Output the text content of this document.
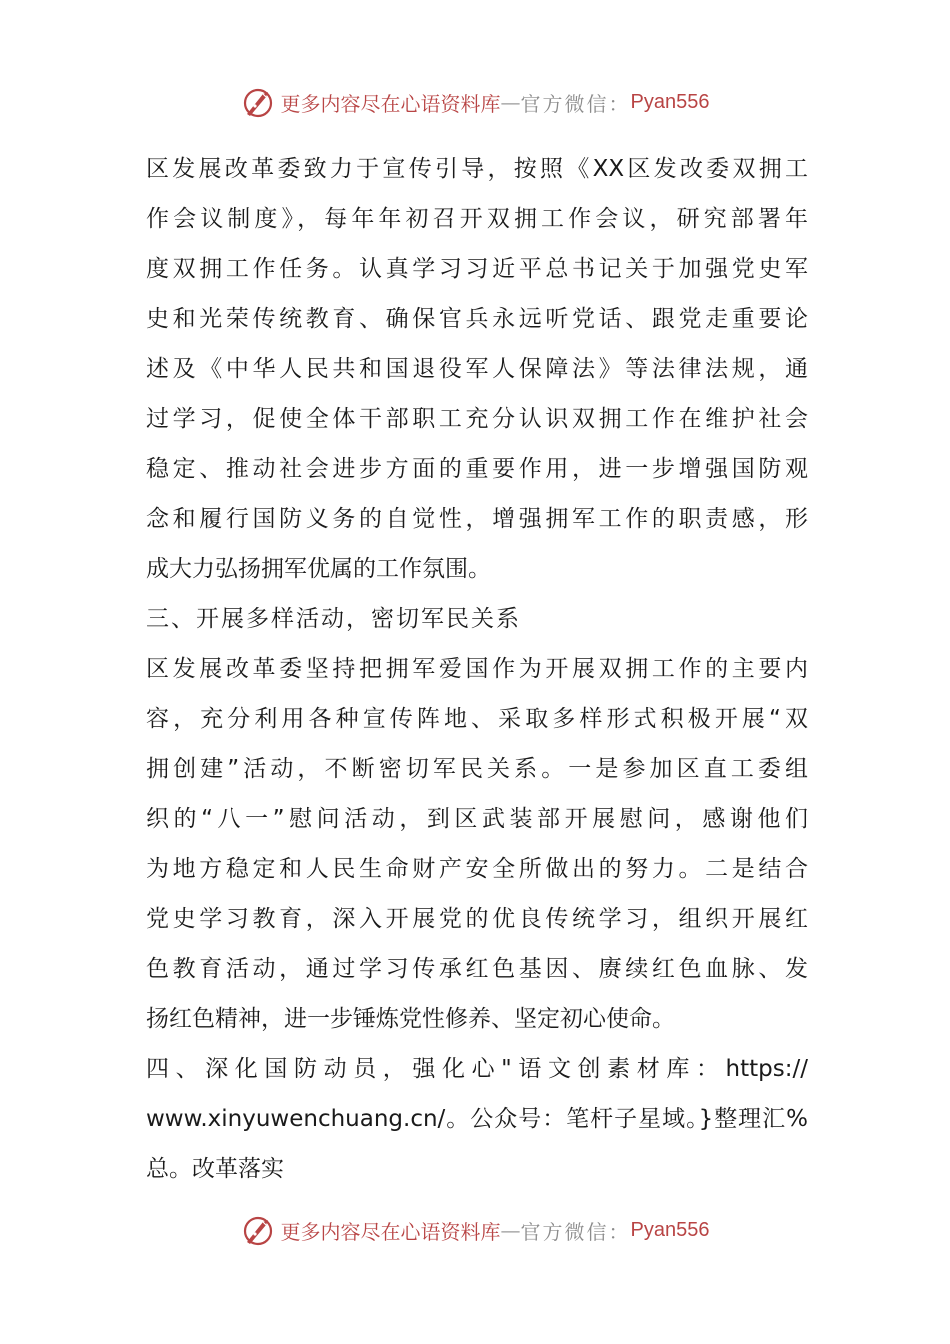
更多内容尽在心语资料库 — 官方微信： Pyan556
区发展改革委致力于宣传引导，按照《XX区发改委双拥工
作会议制度》，每年年初召开双拥工作会议，研究部署年
度双拥工作任务。认真学习习近平总书记关于加强党史军
史和光荣传统教育、确保官兵永远听党话、跟党走重要论
述及《中华人民共和国退役军人保障法》等法律法规，通
过学习，促使全体干部职工充分认识双拥工作在维护社会
稳定、推动社会进步方面的重要作用，进一步增强国防观
念和履行国防义务的自觉性，增强拥军工作的职责感，形
成大力弘扬拥军优属的工作氛围。
三、开展多样活动，密切军民关系
区发展改革委坚持把拥军爱国作为开展双拥工作的主要内
容，充分利用各种宣传阵地、采取多样形式积极开展“双
拥创建”活动，不断密切军民关系。一是参加区直工委组
织的“八一”慰问活动，到区武装部开展慰问，感谢他们
为地方稳定和人民生命财产安全所做出的努力。二是结合
党史学习教育，深入开展党的优良传统学习，组织开展红
色教育活动，通过学习传承红色基因、赓续红色血脉、发
扬红色精神，进一步锤炼党性修养、坚定初心使命。
四、深化国防动员，强化心"语文创素材库：https://
www.xinyuwenchuang.cn/。公众号：笔杆子星域。}整理汇%
总。改革落实
更多内容尽在心语资料库 — 官方微信： Pyan556
